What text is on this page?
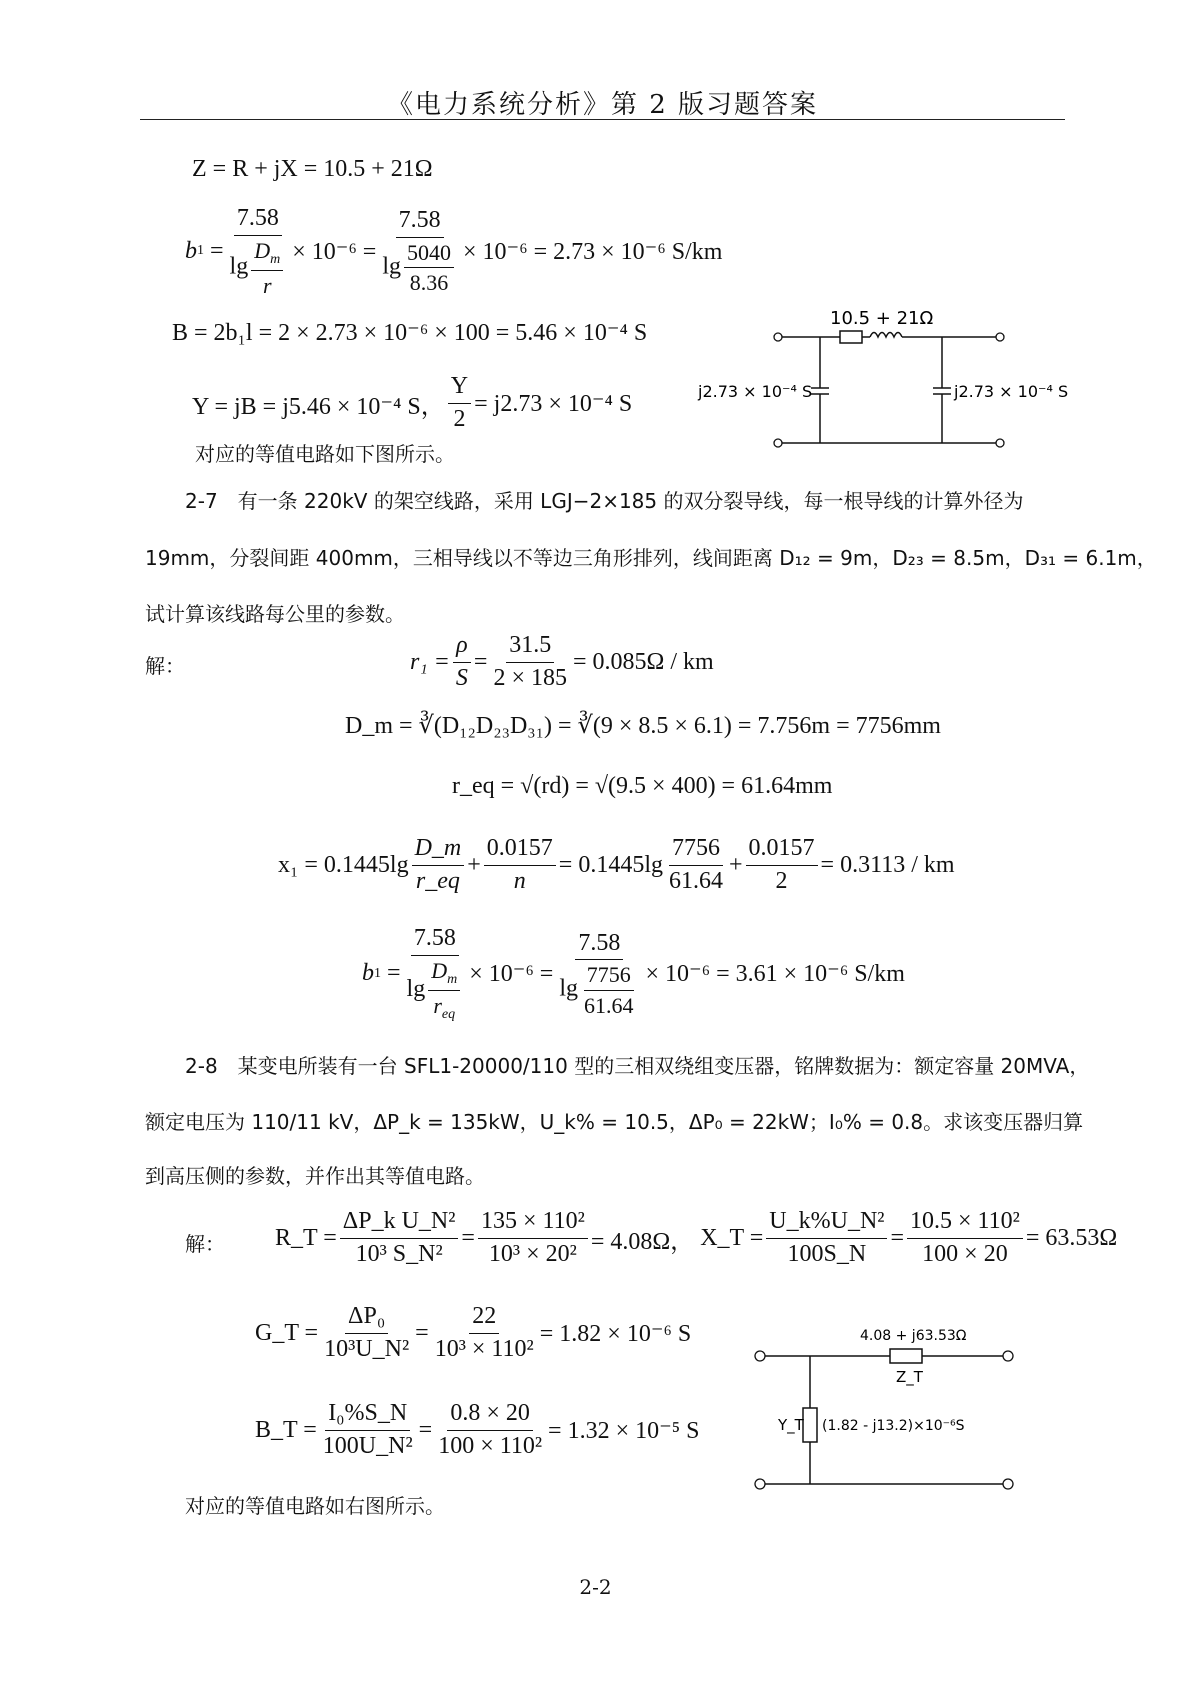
《电力系统分析》第 2 版习题答案
Z = R + jX = 10.5 + 21Ω
b $1 = \frac{7.58}{\lg \frac{D_m}{r}} \times 10^{-6} = \frac{7.58}{\lg \frac{5040}{8.36}} \times 10^{-6} = 2.73 \times 10^{-6}$ S/km
B = 2b₁l = 2 × 2.73 × 10⁻⁶ × 100 = 5.46 × 10⁻⁴ S
Y = jB = j5.46 × 10⁻⁴ S， $\frac{Y}{2} = j2.73 \times 10^{-4}$ S
对应的等值电路如下图所示。
10.5 + 21Ω
j2.73 × 10⁻⁴ S	j2.73 × 10⁻⁴ S
2-7　有一条 220kV 的架空线路，采用 LGJ−2×185 的双分裂导线，每一根导线的计算外径为
19mm，分裂间距 400mm，三相导线以不等边三角形排列，线间距离 D₁₂ = 9m，D₂₃ = 8.5m，D₃₁ = 6.1m，
试计算该线路每公里的参数。
解：	$r_1 = \frac{\rho}{S} = \frac{31.5}{2 \times 185} = 0.085\Omega$ / km
D_m = ∛(D₁₂D₂₃D₃₁) = ∛(9 × 8.5 × 6.1) = 7.756m = 7756mm
r_eq = √(rd) = √(9.5 × 400) = 61.64mm
$x_1 = 0.1445\lg \frac{D\_m}{r\_eq} + \frac{0.0157}{n} = 0.1445\lg \frac{7756}{61.64} + \frac{0.0157}{2} = 0.3113$ / km
b $1 = \frac{7.58}{\lg \frac{D_m}{r_{eq}}} \times 10^{-6} = \frac{7.58}{\lg \frac{7756}{61.64}} \times 10^{-6} = 3.61 \times 10^{-6}$ S/km
2-8　某变电所装有一台 SFL1-20000/110 型的三相双绕组变压器，铭牌数据为：额定容量 20MVA，
额定电压为 110/11 kV，ΔP_k = 135kW，U_k% = 10.5，ΔP₀ = 22kW；I₀% = 0.8。求该变压器归算
到高压侧的参数，并作出其等值电路。
解： R_T = $\frac{\text{ΔP\_k U\_N²}}{\text{10³ S\_N²}} = \frac{\text{135 × 110²}}{\text{10³ × 20²}} = 4.08\Omega$，
X_T = $\frac{\text{U\_k\%U\_N²}}{100S\_N} = \frac{\text{10.5 × 110²}}{100 \times 20} = 63.53\Omega$
G_T = $\frac{\text{ΔP₀}}{\text{10³U\_N²}} = \frac{22}{\text{10³ × 110²}} = 1.82 \times 10^{-6}$ S
B_T = $\frac{\text{I₀\%S\_N}}{\text{100U\_N²}} = \frac{0.8 \times 20}{\text{100 × 110²}} = 1.32 \times 10^{-5}$ S
对应的等值电路如右图所示。
4.08 + j63.53Ω
Z_T
Y_T (1.82 - j13.2)×10⁻⁶S
2-2
